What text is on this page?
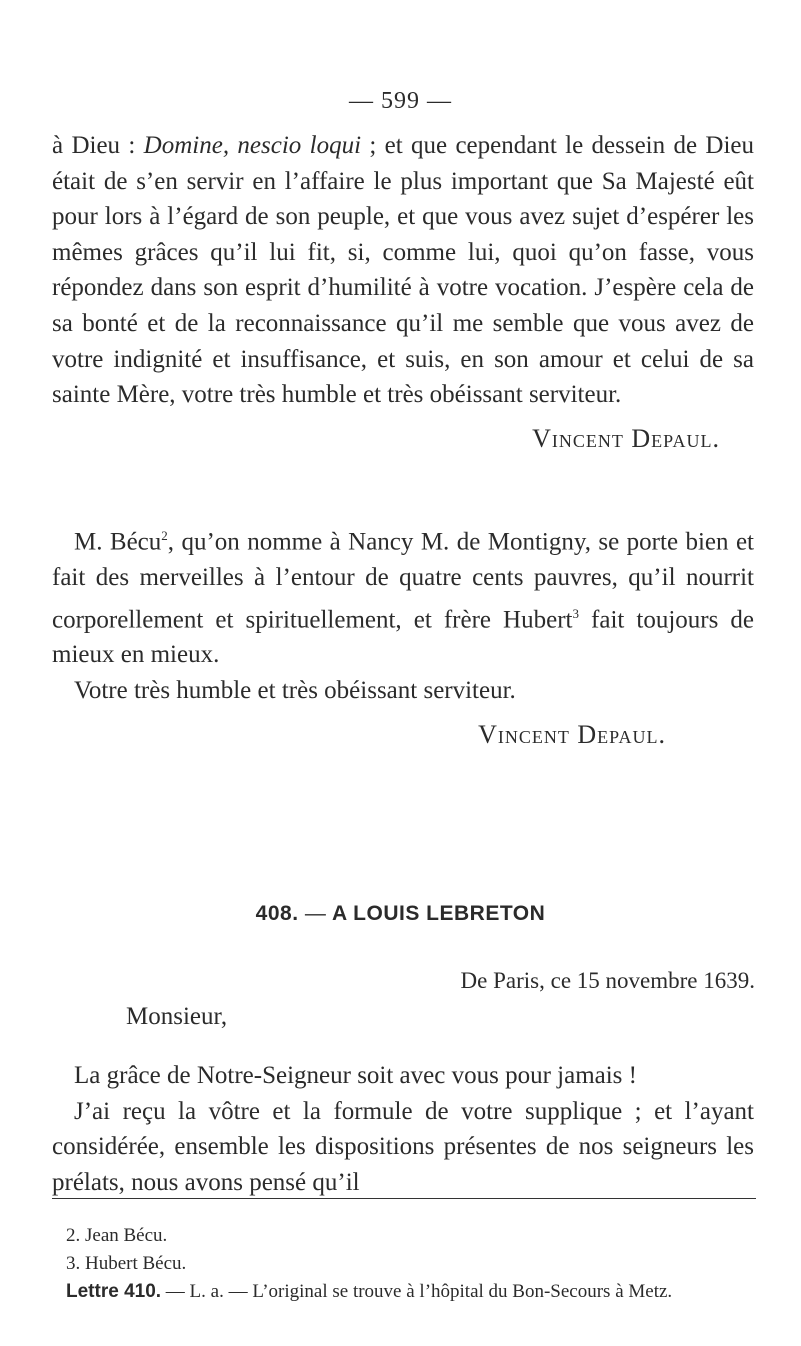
— 599 —

à Dieu : Domine, nescio loqui ; et que cependant le dessein de Dieu était de s’en servir en l’affaire le plus important que Sa Majesté eût pour lors à l’égard de son peuple, et que vous avez sujet d’espérer les mêmes grâces qu’il lui fit, si, comme lui, quoi qu’on fasse, vous répondez dans son esprit d’humilité à votre vocation. J’espère cela de sa bonté et de la reconnaissance qu’il me semble que vous avez de votre indignité et insuffisance, et suis, en son amour et celui de sa sainte Mère, votre très humble et très obéissant serviteur.

Vincent Depaul.

M. Bécu$^2$, qu’on nomme à Nancy M. de Montigny, se porte bien et fait des merveilles à l’entour de quatre cents pauvres, qu’il nourrit corporellement et spirituellement, et frère Hubert$^3$ fait toujours de mieux en mieux.

Votre très humble et très obéissant serviteur.

Vincent Depaul.

408. — A LOUIS LEBRETON
De Paris, ce 15 novembre 1639.
Monsieur,

La grâce de Notre-Seigneur soit avec vous pour jamais !

J’ai reçu la vôtre et la formule de votre supplique ; et l’ayant considérée, ensemble les dispositions présentes de nos seigneurs les prélats, nous avons pensé qu’il

2. Jean Bécu.

3. Hubert Bécu.

Lettre 410. — L. a. — L’original se trouve à l’hôpital du Bon-Secours à Metz.
